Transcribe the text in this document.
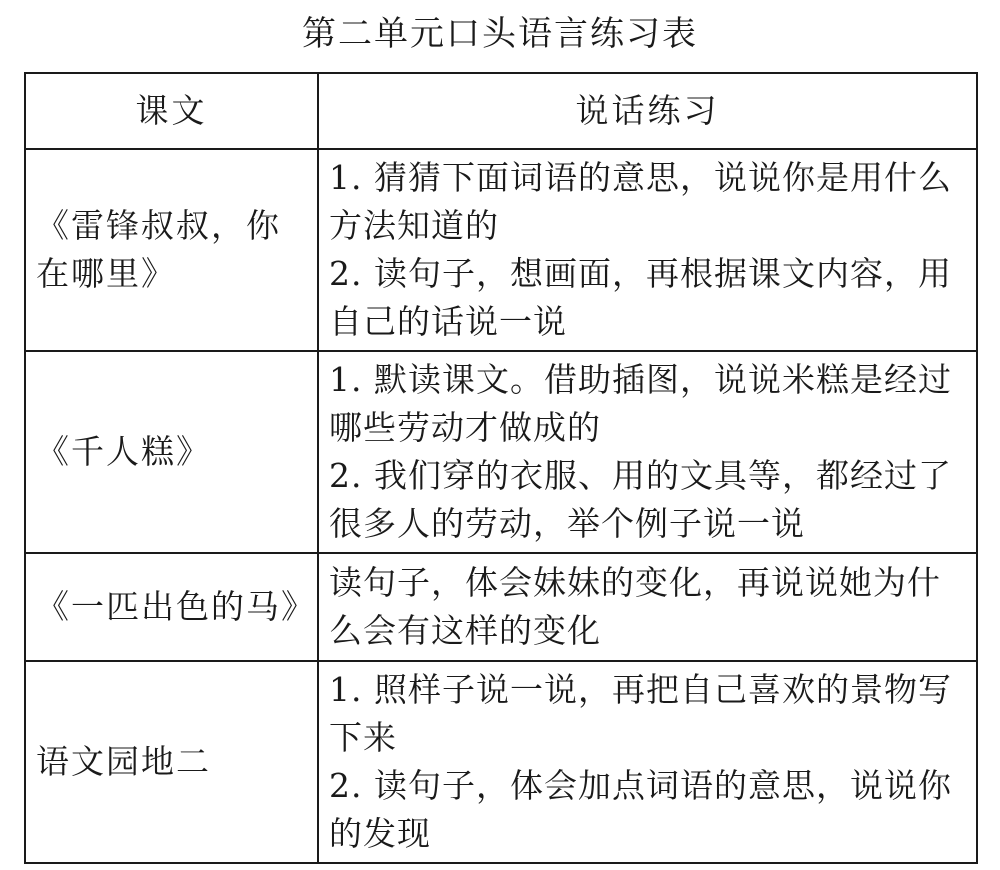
第二单元口头语言练习表
课文	说话练习
《雷锋叔叔，你在哪里》	1. 猜猜下面词语的意思，说说你是用什么方法知道的
2. 读句子，想画面，再根据课文内容，用自己的话说一说

《千人糕》	1. 默读课文。借助插图，说说米糕是经过哪些劳动才做成的
2. 我们穿的衣服、用的文具等，都经过了很多人的劳动，举个例子说一说

《一匹出色的马》	读句子，体会妹妹的变化，再说说她为什么会有这样的变化

语文园地二	1. 照样子说一说，再把自己喜欢的景物写下来
2. 读句子，体会加点词语的意思，说说你的发现
